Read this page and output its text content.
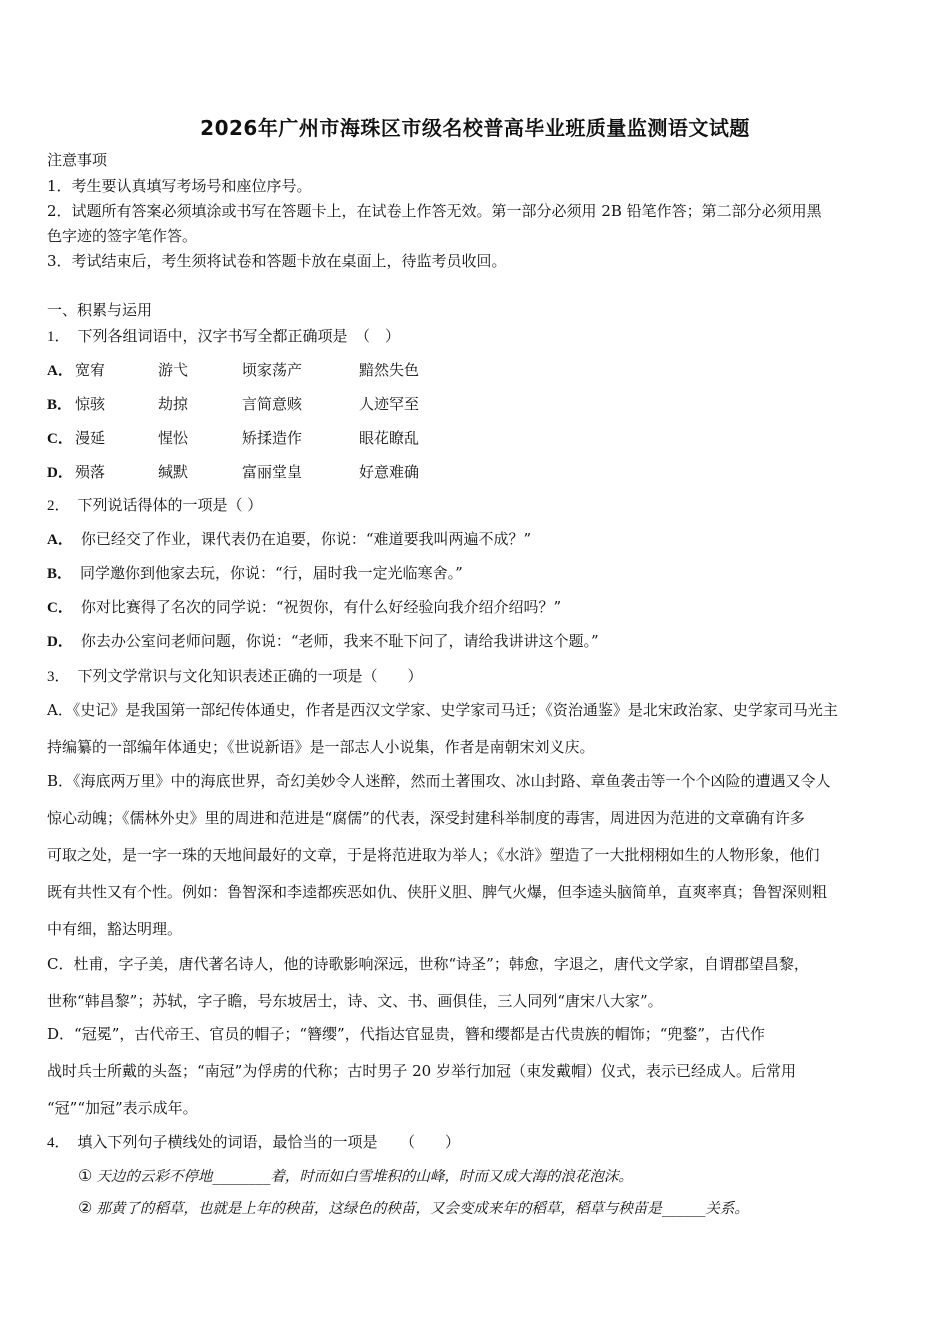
2026年广州市海珠区市级名校普高毕业班质量监测语文试题
注意事项
1．考生要认真填写考场号和座位序号。
2．试题所有答案必须填涂或书写在答题卡上，在试卷上作答无效。第一部分必须用 2B 铅笔作答；第二部分必须用黑
色字迹的签字笔作答。
3．考试结束后，考生须将试卷和答题卡放在桌面上，待监考员收回。
一、积累与运用
1． 下列各组词语中，汉字书写全都正确项是　（　）
A． 宽宥	游弋	顷家荡产	黯然失色
B． 惊骇	劫掠	言简意赅	人迹罕至
C． 漫延	惺忪	矫揉造作	眼花瞭乱
D． 殒落	缄默	富丽堂皇	好意难确
2． 下列说话得体的一项是（ ）
A． 你已经交了作业，课代表仍在追要，你说：“难道要我叫两遍不成？”
B． 同学邀你到他家去玩，你说：“行，届时我一定光临寒舍。”
C． 你对比赛得了名次的同学说：“祝贺你，有什么好经验向我介绍介绍吗？”
D． 你去办公室问老师问题，你说：“老师，我来不耻下问了，请给我讲讲这个题。”
3． 下列文学常识与文化知识表述正确的一项是（　　）
A．《史记》是我国第一部纪传体通史，作者是西汉文学家、史学家司马迁；《资治通鉴》是北宋政治家、史学家司马光主
持编纂的一部编年体通史；《世说新语》是一部志人小说集，作者是南朝宋刘义庆。
B．《海底两万里》中的海底世界，奇幻美妙令人迷醉，然而土著围攻、冰山封路、章鱼袭击等一个个凶险的遭遇又令人
惊心动魄；《儒林外史》里的周进和范进是“腐儒”的代表，深受封建科举制度的毒害，周进因为范进的文章确有许多
可取之处，是一字一珠的天地间最好的文章，于是将范进取为举人；《水浒》塑造了一大批栩栩如生的人物形象，他们
既有共性又有个性。例如：鲁智深和李逵都疾恶如仇、侠肝义胆、脾气火爆，但李逵头脑简单，直爽率真；鲁智深则粗
中有细，豁达明理。
C．杜甫，字子美，唐代著名诗人，他的诗歌影响深远，世称“诗圣”；韩愈，字退之，唐代文学家，自谓郡望昌黎，
世称“韩昌黎”；苏轼，字子瞻，号东坡居士，诗、文、书、画俱佳，三人同列“唐宋八大家”。
D．“冠冕”，古代帝王、官员的帽子；“簪缨”，代指达官显贵，簪和缨都是古代贵族的帽饰；“兜鍪”，古代作
战时兵士所戴的头盔；“南冠”为俘虏的代称；古时男子 20 岁举行加冠（束发戴帽）仪式，表示已经成人。后常用
“冠”“加冠”表示成年。
4． 填入下列句子横线处的词语，最恰当的一项是　　（　　）
① 天边的云彩不停地________着，时而如白雪堆积的山峰，时而又成大海的浪花泡沫。
② 那黄了的稻草，也就是上年的秧苗，这绿色的秧苗，又会变成来年的稻草，稻草与秧苗是______关系。
